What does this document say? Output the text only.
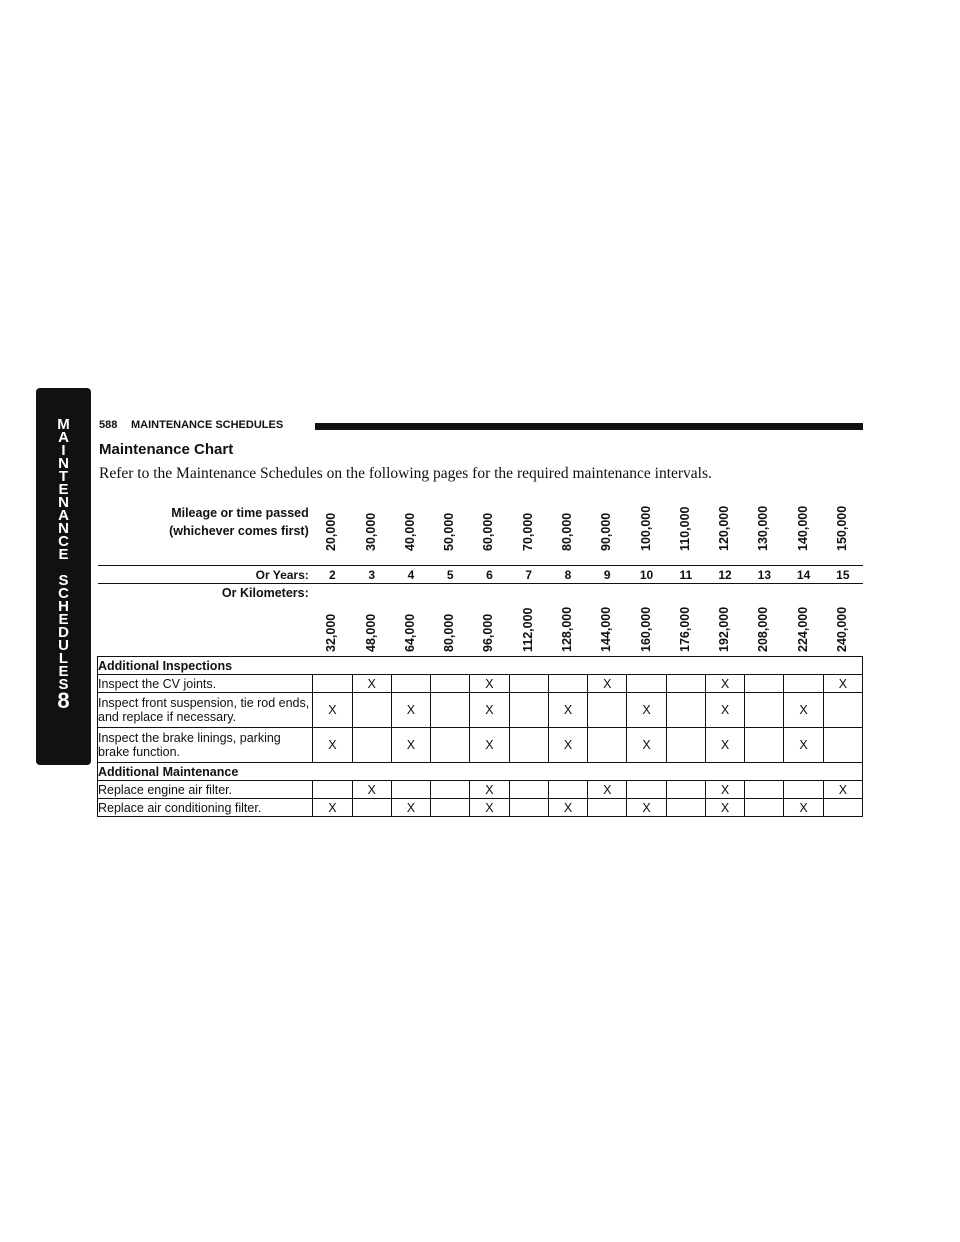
M
A
I
N
T
E
N
A
N
C
E
S
C
H
E
D
U
L
E
S
8
588 MAINTENANCE SCHEDULES
Maintenance Chart
Refer to the Maintenance Schedules on the following pages for the required maintenance intervals.
Mileage or time passed
(whichever comes first)	20,000	30,000	40,000	50,000	60,000	70,000	80,000	90,000	100,000	110,000	120,000	130,000	140,000	150,000

Or Years:	2	3	4	5	6	7	8	9	10	11	12	13	14	15
Or Kilometers:	32,000	48,000	64,000	80,000	96,000	112,000	128,000	144,000	160,000	176,000	192,000	208,000	224,000	240,000

Additional Inspections														
Inspect the CV joints.		X			X			X			X			X
Inspect front suspension, tie rod ends, and replace if necessary.	X		X		X		X		X		X		X	
Inspect the brake linings, parking brake function.	X		X		X		X		X		X		X	
Additional Maintenance														
Replace engine air filter.		X			X			X			X			X
Replace air conditioning filter.	X		X		X		X		X		X		X	
